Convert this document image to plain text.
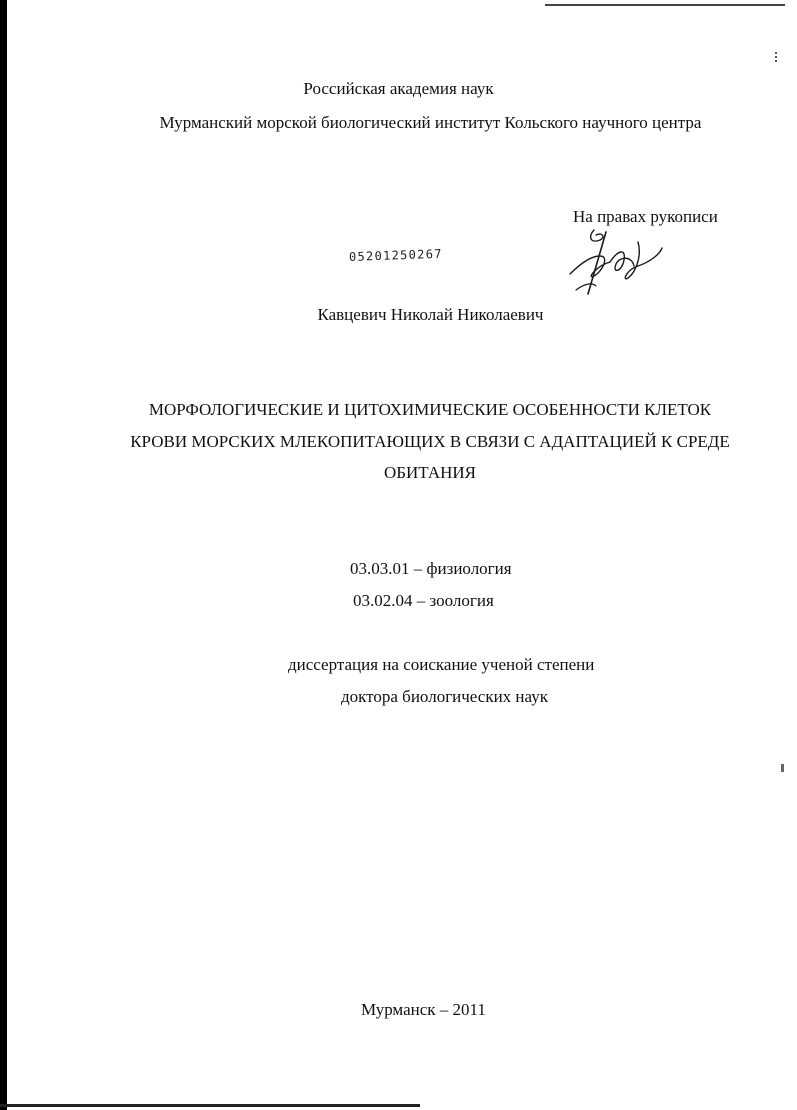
Российская академия наук
Мурманский морской биологический институт Кольского научного центра
На правах рукописи
05201250267
Кавцевич Николай Николаевич
МОРФОЛОГИЧЕСКИЕ И ЦИТОХИМИЧЕСКИЕ ОСОБЕННОСТИ КЛЕТОК
КРОВИ МОРСКИХ МЛЕКОПИТАЮЩИХ В СВЯЗИ С АДАПТАЦИЕЙ К СРЕДЕ
ОБИТАНИЯ
03.03.01 – физиология
03.02.04 – зоология
диссертация на соискание ученой степени
доктора биологических наук
Мурманск – 2011
